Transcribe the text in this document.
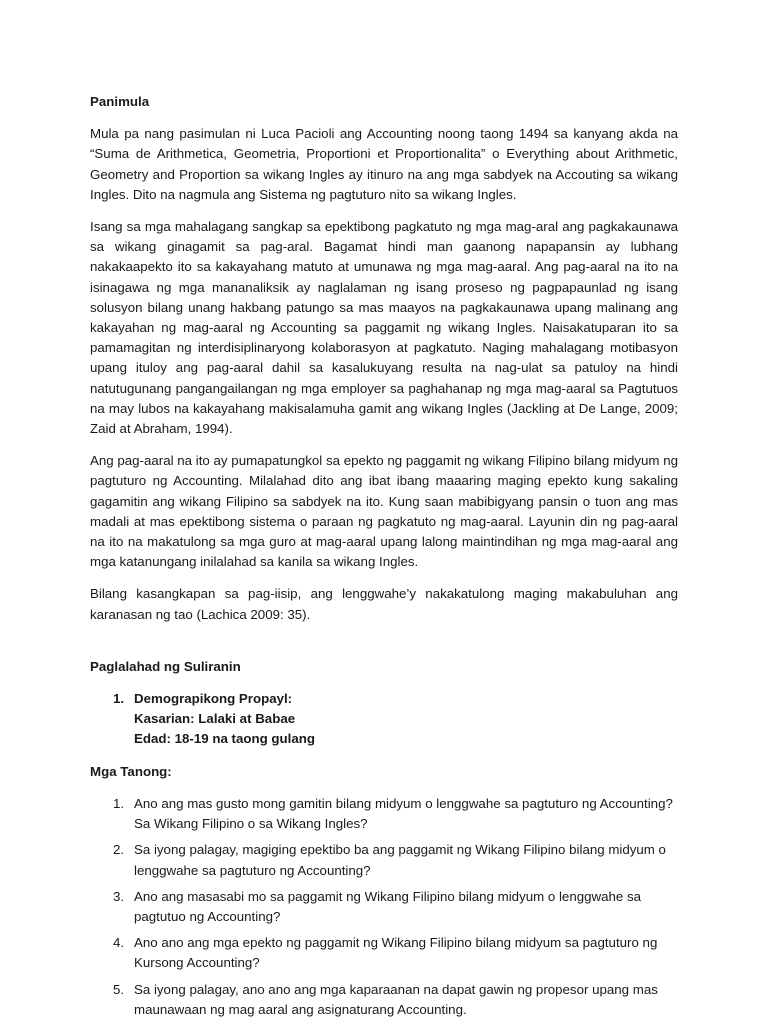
Panimula

Mula pa nang pasimulan ni Luca Pacioli ang Accounting noong taong 1494 sa kanyang akda na “Suma de Arithmetica, Geometria, Proportioni et Proportionalita” o Everything about Arithmetic, Geometry and Proportion sa wikang Ingles ay itinuro na ang mga sabdyek na Accouting sa wikang Ingles. Dito na nagmula ang Sistema ng pagtuturo nito sa wikang Ingles.

Isang sa mga mahalagang sangkap sa epektibong pagkatuto ng mga mag-aral ang pagkakaunawa sa wikang ginagamit sa pag-aral. Bagamat hindi man gaanong napapansin ay lubhang nakakaapekto ito sa kakayahang matuto at umunawa ng mga mag-aaral. Ang pag-aaral na ito na isinagawa ng mga mananaliksik ay naglalaman ng isang proseso ng pagpapaunlad ng isang solusyon bilang unang hakbang patungo sa mas maayos na pagkakaunawa upang malinang ang kakayahan ng mag-aaral ng Accounting sa paggamit ng wikang Ingles. Naisakatuparan ito sa pamamagitan ng interdisiplinaryong kolaborasyon at pagkatuto. Naging mahalagang motibasyon upang ituloy ang pag-aaral dahil sa kasalukuyang resulta na nag-ulat sa patuloy na hindi natutugunang pangangailangan ng mga employer sa paghahanap ng mga mag-aaral sa Pagtutuos na may lubos na kakayahang makisalamuha gamit ang wikang Ingles (Jackling at De Lange, 2009; Zaid at Abraham, 1994).

Ang pag-aaral na ito ay pumapatungkol sa epekto ng paggamit ng wikang Filipino bilang midyum ng pagtuturo ng Accounting. Milalahad dito ang ibat ibang maaaring maging epekto kung sakaling gagamitin ang wikang Filipino sa sabdyek na ito. Kung saan mabibigyang pansin o tuon ang mas madali at mas epektibong sistema o paraan ng pagkatuto ng mag-aaral. Layunin din ng pag-aaral na ito na makatulong sa mga guro at mag-aaral upang lalong maintindihan ng mga mag-aaral ang mga katanungang inilalahad sa kanila sa wikang Ingles.

Bilang kasangkapan sa pag-iisip, ang lenggwahe’y nakakatulong maging makabuluhan ang karanasan ng tao (Lachica 2009: 35).

Paglalahad ng Suliranin

1. Demograpikong Propayl:
Kasarian: Lalaki at Babae
Edad: 18-19 na taong gulang

Mga Tanong:

1. Ano ang mas gusto mong gamitin bilang midyum o lenggwahe sa pagtuturo ng Accounting? Sa Wikang Filipino o sa Wikang Ingles?
2. Sa iyong palagay, magiging epektibo ba ang paggamit ng Wikang Filipino bilang midyum o lenggwahe sa pagtuturo ng Accounting?
3. Ano ang masasabi mo sa paggamit ng Wikang Filipino bilang midyum o lenggwahe sa pagtutuo ng Accounting?
4. Ano ano ang mga epekto ng paggamit ng Wikang Filipino bilang midyum sa pagtuturo ng Kursong Accounting?
5. Sa iyong palagay, ano ano ang mga kaparaanan na dapat gawin ng propesor upang mas maunawaan ng mag aaral ang asignaturang Accounting.
